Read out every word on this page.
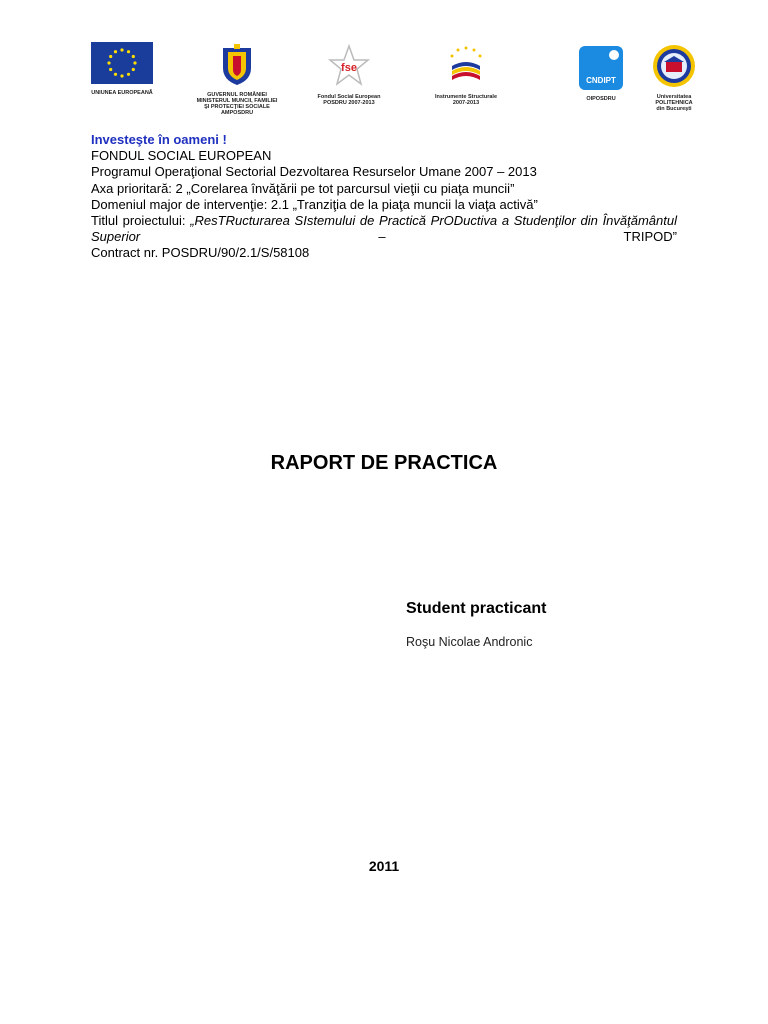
UNIUNEA EUROPEANĂ	GUVERNUL ROMÂNIEI
MINISTERUL MUNCII, FAMILIEI
ŞI PROTECŢIEI SOCIALE
AMPOSDRU
fse
Fondul Social European
POSDRU 2007-2013
Instrumente Structurale
2007-2013
CNDIPT
OIPOSDRU	Universitatea
POLITEHNICA
din Bucureşti
Investeşte în oameni !
FONDUL SOCIAL EUROPEAN
Programul Operaţional Sectorial Dezvoltarea Resurselor Umane 2007 – 2013
Axa prioritară: 2 „Corelarea învăţării pe tot parcursul vieţii cu piaţa muncii”
Domeniul major de intervenţie: 2.1 „Tranziţia de la piaţa muncii la viaţa activă”
Titlul proiectului: „ResTRucturarea SIstemului de Practică PrODuctiva a Studenţilor din Învăţământul Superior – TRIPOD”
Contract nr. POSDRU/90/2.1/S/58108
RAPORT DE PRACTICA
Student practicant
Roşu Nicolae Andronic
2011
